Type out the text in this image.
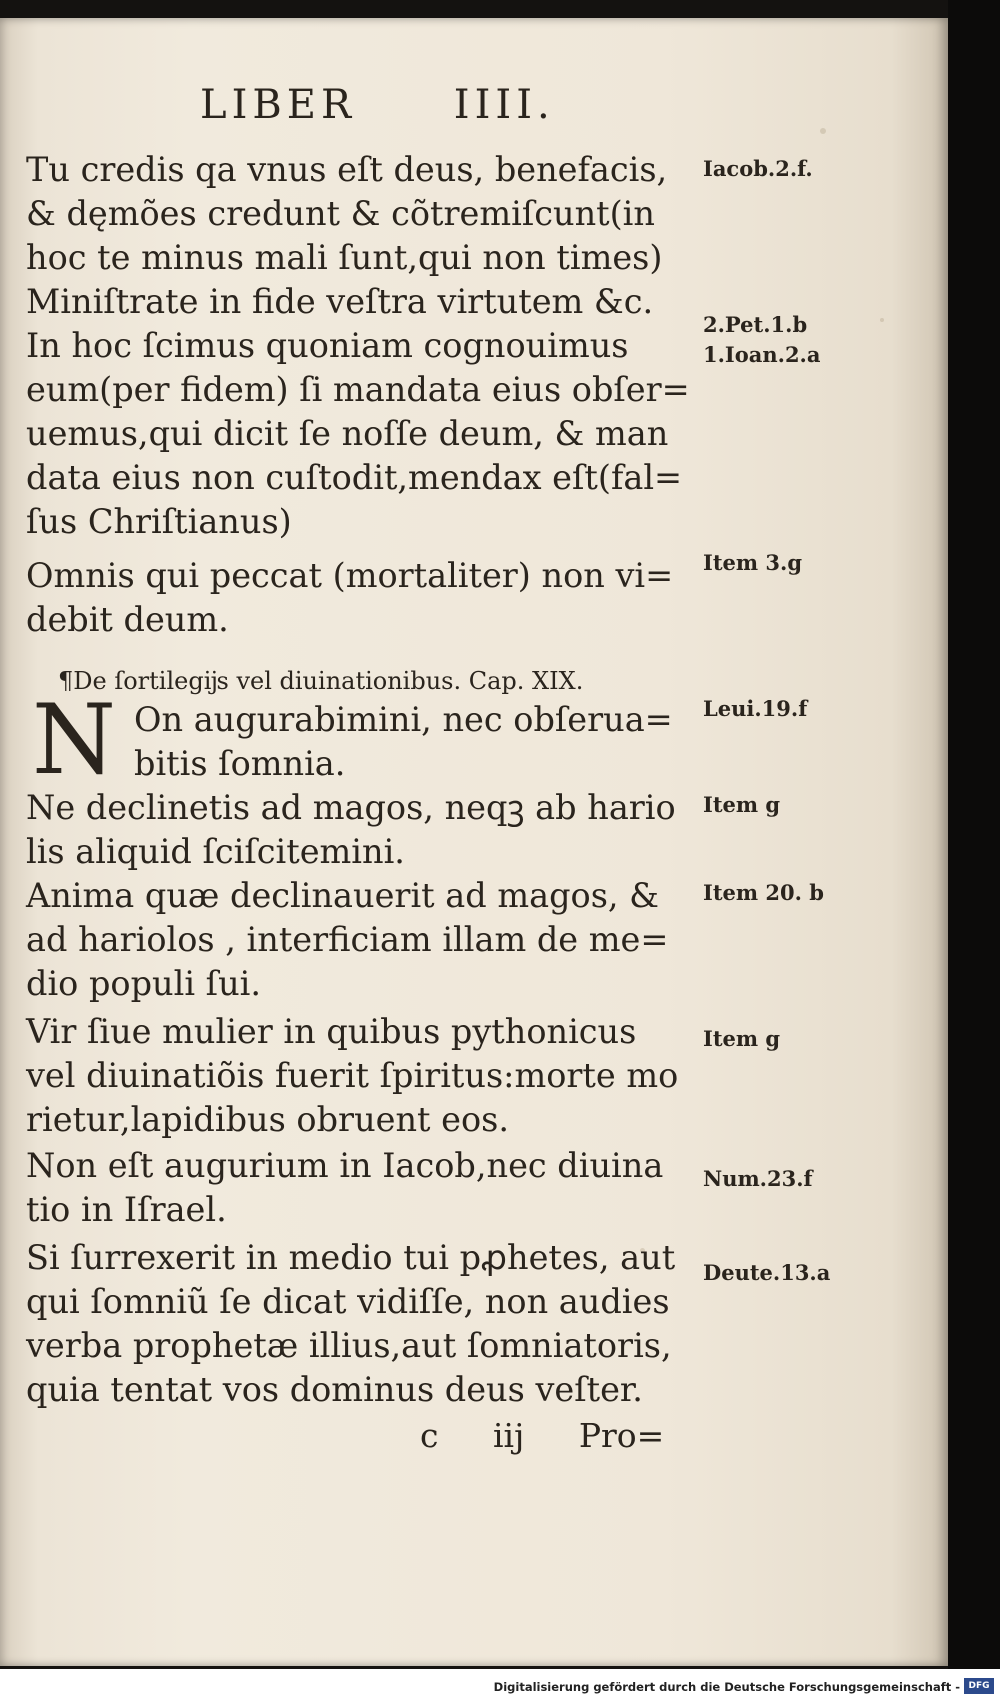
LIBER IIII.
Tu credis qa vnus eſt deus, benefacis,
& dęmões credunt & cõtremiſcunt(in
hoc te minus mali ſunt,qui non times)
Miniſtrate in fide veſtra virtutem &c.
In hoc ſcimus quoniam cognouimus
eum(per fidem) ſi mandata eius obſer=
uemus,qui dicit ſe noſſe deum, & man
data eius non cuſtodit,mendax eſt(fal=
ſus Chriſtianus)
Omnis qui peccat (mortaliter) non vi=
debit deum.
¶De ſortilegĳs vel diuinationibus. Cap. XIX.
N On augurabimini, nec obſerua=
bitis ſomnia.
Ne declinetis ad magos, neqꝫ ab hario
lis aliquid ſciſcitemini.
Anima quæ declinauerit ad magos, &
ad hariolos , interficiam illam de me=
dio populi ſui.
Vir ſiue mulier in quibus pythonicus
vel diuinatiõis fuerit ſpiritus:morte mo
rietur,lapidibus obruent eos.
Non eſt augurium in Iacob,nec diuina
tio in Iſrael.
Si ſurrexerit in medio tui pꝓhetes, aut
qui ſomniũ ſe dicat vidiſſe, non audies
verba prophetæ illius,aut ſomniatoris,
quia tentat vos dominus deus veſter.
Iacob.2.f.
2.Pet.1.b
1.Ioan.2.a
Item 3.g
Leui.19.f
Item g
Item 20. b
Item g
Num.23.f
Deute.13.a
c iij Pro=
Digitalisierung gefördert durch die Deutsche Forschungsgemeinschaft - DFG
